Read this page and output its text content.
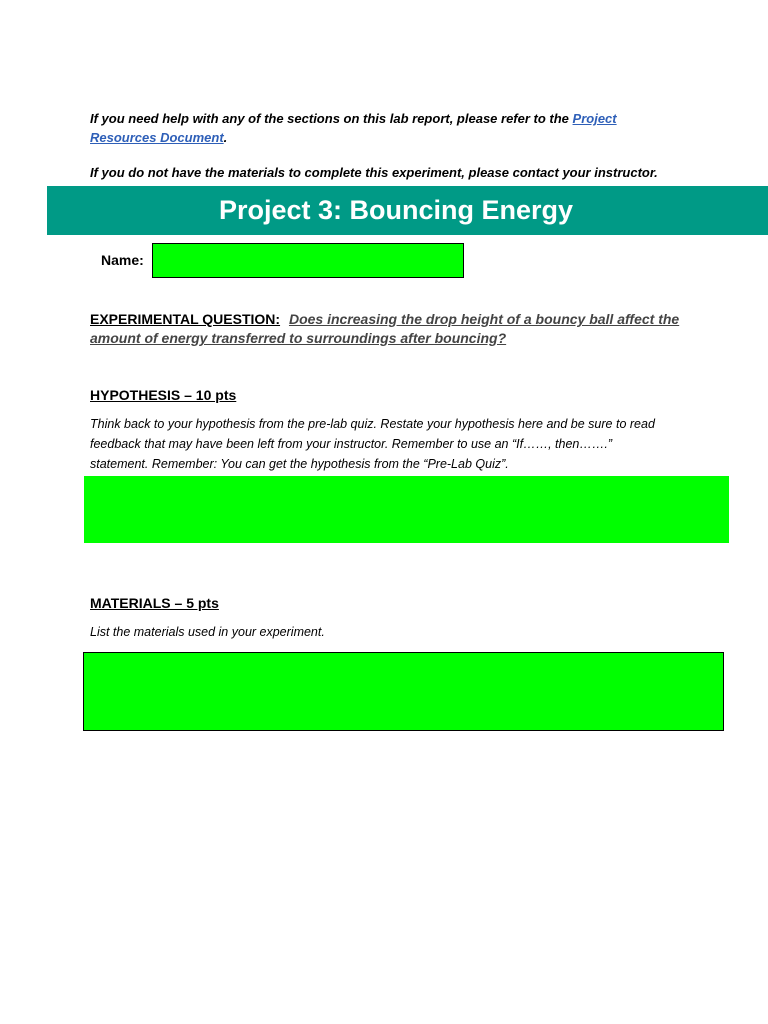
If you need help with any of the sections on this lab report, please refer to the Project Resources Document.

If you do not have the materials to complete this experiment, please contact your instructor.

Project 3: Bouncing Energy

Name:

EXPERIMENTAL QUESTION: Does increasing the drop height of a bouncy ball affect the amount of energy transferred to surroundings after bouncing?

HYPOTHESIS – 10 pts

Think back to your hypothesis from the pre-lab quiz. Restate your hypothesis here and be sure to read feedback that may have been left from your instructor. Remember to use an “If……, then…….” statement. Remember: You can get the hypothesis from the “Pre-Lab Quiz”.

MATERIALS – 5 pts

List the materials used in your experiment.
